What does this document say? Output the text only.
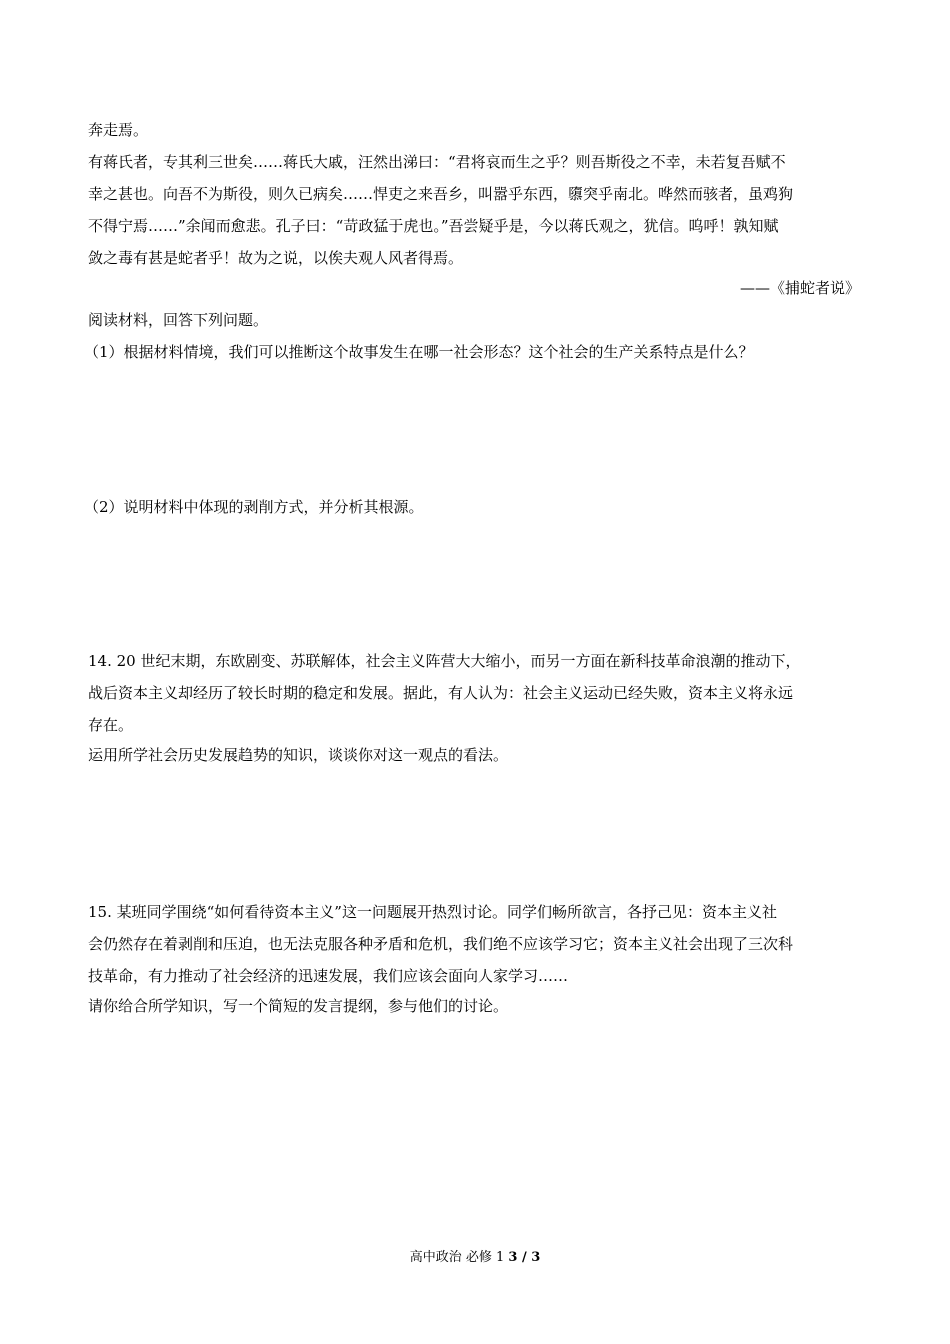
奔走焉。
有蒋氏者，专其利三世矣……蒋氏大戚，汪然出涕曰：“君将哀而生之乎？则吾斯役之不幸，未若复吾赋不
幸之甚也。向吾不为斯役，则久已病矣……悍吏之来吾乡，叫嚣乎东西，隳突乎南北。哗然而骇者，虽鸡狗
不得宁焉……”余闻而愈悲。孔子曰：“苛政猛于虎也。”吾尝疑乎是，今以蒋氏观之，犹信。呜呼！孰知赋
敛之毒有甚是蛇者乎！故为之说，以俟夫观人风者得焉。
——《捕蛇者说》
阅读材料，回答下列问题。
（1）根据材料情境，我们可以推断这个故事发生在哪一社会形态？这个社会的生产关系特点是什么？
（2）说明材料中体现的剥削方式，并分析其根源。
14. 20 世纪末期，东欧剧变、苏联解体，社会主义阵营大大缩小，而另一方面在新科技革命浪潮的推动下，
战后资本主义却经历了较长时期的稳定和发展。据此，有人认为：社会主义运动已经失败，资本主义将永远
存在。
运用所学社会历史发展趋势的知识，谈谈你对这一观点的看法。
15. 某班同学围绕“如何看待资本主义”这一问题展开热烈讨论。同学们畅所欲言，各抒己见：资本主义社
会仍然存在着剥削和压迫，也无法克服各种矛盾和危机，我们绝不应该学习它；资本主义社会出现了三次科
技革命，有力推动了社会经济的迅速发展，我们应该会面向人家学习……
请你给合所学知识，写一个简短的发言提纲，参与他们的讨论。
高中政治 必修 1 3 / 3
